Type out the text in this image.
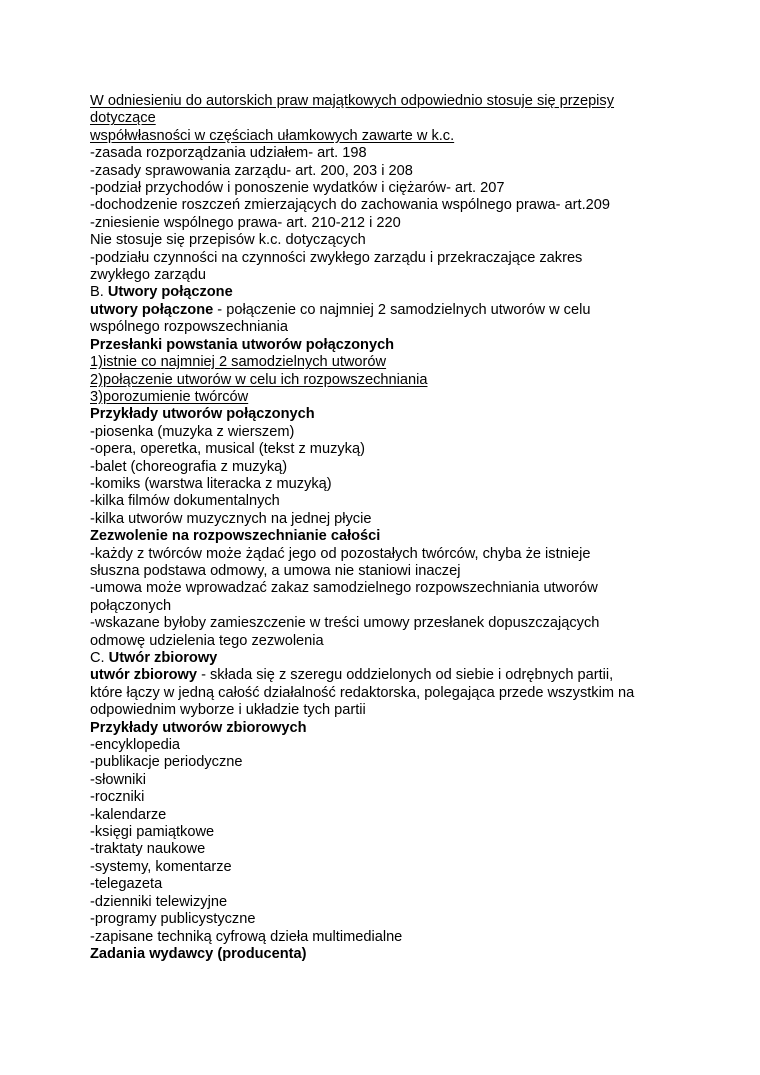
W odniesieniu do autorskich praw majątkowych odpowiednio stosuje się przepisy
dotyczące
współwłasności w częściach ułamkowych zawarte w k.c.
-zasada rozporządzania udziałem- art. 198
-zasady sprawowania zarządu- art. 200, 203 i 208
-podział przychodów i ponoszenie wydatków i ciężarów- art. 207
-dochodzenie roszczeń zmierzających do zachowania wspólnego prawa- art.209
-zniesienie wspólnego prawa- art. 210-212 i 220
Nie stosuje się przepisów k.c. dotyczących
-podziału czynności na czynności zwykłego zarządu i przekraczające zakres
zwykłego zarządu
B. Utwory połączone
utwory połączone - połączenie co najmniej 2 samodzielnych utworów w celu
wspólnego rozpowszechniania
Przesłanki powstania utworów połączonych
1)istnie co najmniej 2 samodzielnych utworów
2)połączenie utworów w celu ich rozpowszechniania
3)porozumienie twórców
Przykłady utworów połączonych
-piosenka (muzyka z wierszem)
-opera, operetka, musical (tekst z muzyką)
-balet (choreografia z muzyką)
-komiks (warstwa literacka z muzyką)
-kilka filmów dokumentalnych
-kilka utworów muzycznych na jednej płycie
Zezwolenie na rozpowszechnianie całości
-każdy z twórców może żądać jego od pozostałych twórców, chyba że istnieje
słuszna podstawa odmowy, a umowa nie staniowi inaczej
-umowa może wprowadzać zakaz samodzielnego rozpowszechniania utworów
połączonych
-wskazane byłoby zamieszczenie w treści umowy przesłanek dopuszczających
odmowę udzielenia tego zezwolenia
C. Utwór zbiorowy
utwór zbiorowy - składa się z szeregu oddzielonych od siebie i odrębnych partii,
które łączy w jedną całość działalność redaktorska, polegająca przede wszystkim na
odpowiednim wyborze i układzie tych partii
Przykłady utworów zbiorowych
-encyklopedia
-publikacje periodyczne
-słowniki
-roczniki
-kalendarze
-księgi pamiątkowe
-traktaty naukowe
-systemy, komentarze
-telegazeta
-dzienniki telewizyjne
-programy publicystyczne
-zapisane techniką cyfrową dzieła multimedialne
Zadania wydawcy (producenta)
